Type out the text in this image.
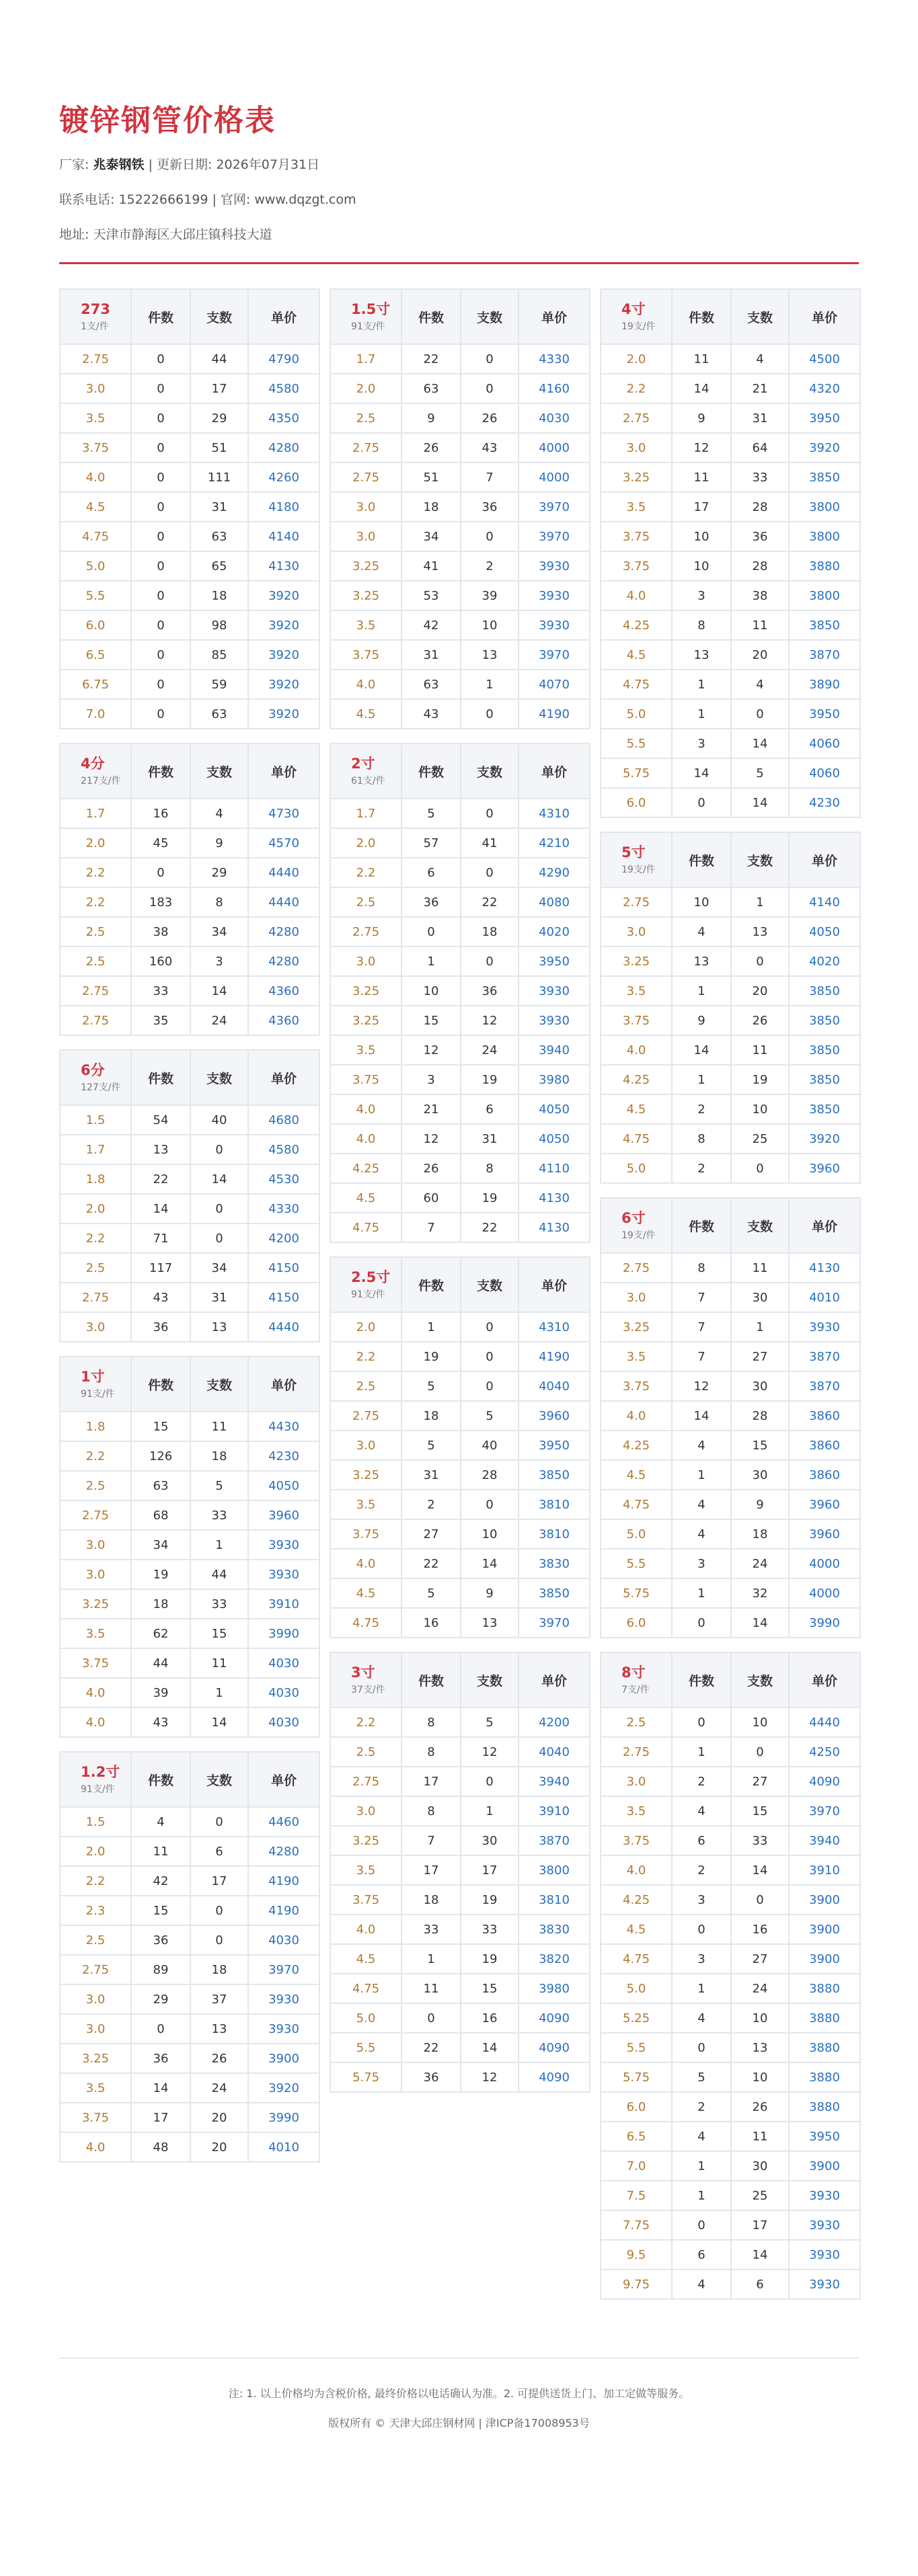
镀锌钢管价格表
厂家: 兆泰钢铁 | 更新日期: 2026年07月31日
联系电话: 15222666199 | 官网: www.dqzgt.com
地址: 天津市静海区大邱庄镇科技大道
273
1支/件	件数	支数	单价
2.75	0	44	4790
3.0	0	17	4580
3.5	0	29	4350
3.75	0	51	4280
4.0	0	111	4260
4.5	0	31	4180
4.75	0	63	4140
5.0	0	65	4130
5.5	0	18	3920
6.0	0	98	3920
6.5	0	85	3920
6.75	0	59	3920
7.0	0	63	3920
4分
217支/件	件数	支数	单价
1.7	16	4	4730
2.0	45	9	4570
2.2	0	29	4440
2.2	183	8	4440
2.5	38	34	4280
2.5	160	3	4280
2.75	33	14	4360
2.75	35	24	4360
6分
127支/件	件数	支数	单价
1.5	54	40	4680
1.7	13	0	4580
1.8	22	14	4530
2.0	14	0	4330
2.2	71	0	4200
2.5	117	34	4150
2.75	43	31	4150
3.0	36	13	4440
1寸
91支/件	件数	支数	单价
1.8	15	11	4430
2.2	126	18	4230
2.5	63	5	4050
2.75	68	33	3960
3.0	34	1	3930
3.0	19	44	3930
3.25	18	33	3910
3.5	62	15	3990
3.75	44	11	4030
4.0	39	1	4030
4.0	43	14	4030
1.2寸
91支/件	件数	支数	单价
1.5	4	0	4460
2.0	11	6	4280
2.2	42	17	4190
2.3	15	0	4190
2.5	36	0	4030
2.75	89	18	3970
3.0	29	37	3930
3.0	0	13	3930
3.25	36	26	3900
3.5	14	24	3920
3.75	17	20	3990
4.0	48	20	4010
1.5寸
91支/件	件数	支数	单价
1.7	22	0	4330
2.0	63	0	4160
2.5	9	26	4030
2.75	26	43	4000
2.75	51	7	4000
3.0	18	36	3970
3.0	34	0	3970
3.25	41	2	3930
3.25	53	39	3930
3.5	42	10	3930
3.75	31	13	3970
4.0	63	1	4070
4.5	43	0	4190
2寸
61支/件	件数	支数	单价
1.7	5	0	4310
2.0	57	41	4210
2.2	6	0	4290
2.5	36	22	4080
2.75	0	18	4020
3.0	1	0	3950
3.25	10	36	3930
3.25	15	12	3930
3.5	12	24	3940
3.75	3	19	3980
4.0	21	6	4050
4.0	12	31	4050
4.25	26	8	4110
4.5	60	19	4130
4.75	7	22	4130
2.5寸
91支/件	件数	支数	单价
2.0	1	0	4310
2.2	19	0	4190
2.5	5	0	4040
2.75	18	5	3960
3.0	5	40	3950
3.25	31	28	3850
3.5	2	0	3810
3.75	27	10	3810
4.0	22	14	3830
4.5	5	9	3850
4.75	16	13	3970
3寸
37支/件	件数	支数	单价
2.2	8	5	4200
2.5	8	12	4040
2.75	17	0	3940
3.0	8	1	3910
3.25	7	30	3870
3.5	17	17	3800
3.75	18	19	3810
4.0	33	33	3830
4.5	1	19	3820
4.75	11	15	3980
5.0	0	16	4090
5.5	22	14	4090
5.75	36	12	4090
4寸
19支/件	件数	支数	单价
2.0	11	4	4500
2.2	14	21	4320
2.75	9	31	3950
3.0	12	64	3920
3.25	11	33	3850
3.5	17	28	3800
3.75	10	36	3800
3.75	10	28	3880
4.0	3	38	3800
4.25	8	11	3850
4.5	13	20	3870
4.75	1	4	3890
5.0	1	0	3950
5.5	3	14	4060
5.75	14	5	4060
6.0	0	14	4230
5寸
19支/件	件数	支数	单价
2.75	10	1	4140
3.0	4	13	4050
3.25	13	0	4020
3.5	1	20	3850
3.75	9	26	3850
4.0	14	11	3850
4.25	1	19	3850
4.5	2	10	3850
4.75	8	25	3920
5.0	2	0	3960
6寸
19支/件	件数	支数	单价
2.75	8	11	4130
3.0	7	30	4010
3.25	7	1	3930
3.5	7	27	3870
3.75	12	30	3870
4.0	14	28	3860
4.25	4	15	3860
4.5	1	30	3860
4.75	4	9	3960
5.0	4	18	3960
5.5	3	24	4000
5.75	1	32	4000
6.0	0	14	3990
8寸
7支/件	件数	支数	单价
2.5	0	10	4440
2.75	1	0	4250
3.0	2	27	4090
3.5	4	15	3970
3.75	6	33	3940
4.0	2	14	3910
4.25	3	0	3900
4.5	0	16	3900
4.75	3	27	3900
5.0	1	24	3880
5.25	4	10	3880
5.5	0	13	3880
5.75	5	10	3880
6.0	2	26	3880
6.5	4	11	3950
7.0	1	30	3900
7.5	1	25	3930
7.75	0	17	3930
9.5	6	14	3930
9.75	4	6	3930
注: 1. 以上价格均为含税价格, 最终价格以电话确认为准。2. 可提供送货上门、加工定做等服务。
版权所有 © 天津大邱庄钢材网 | 津ICP备17008953号
